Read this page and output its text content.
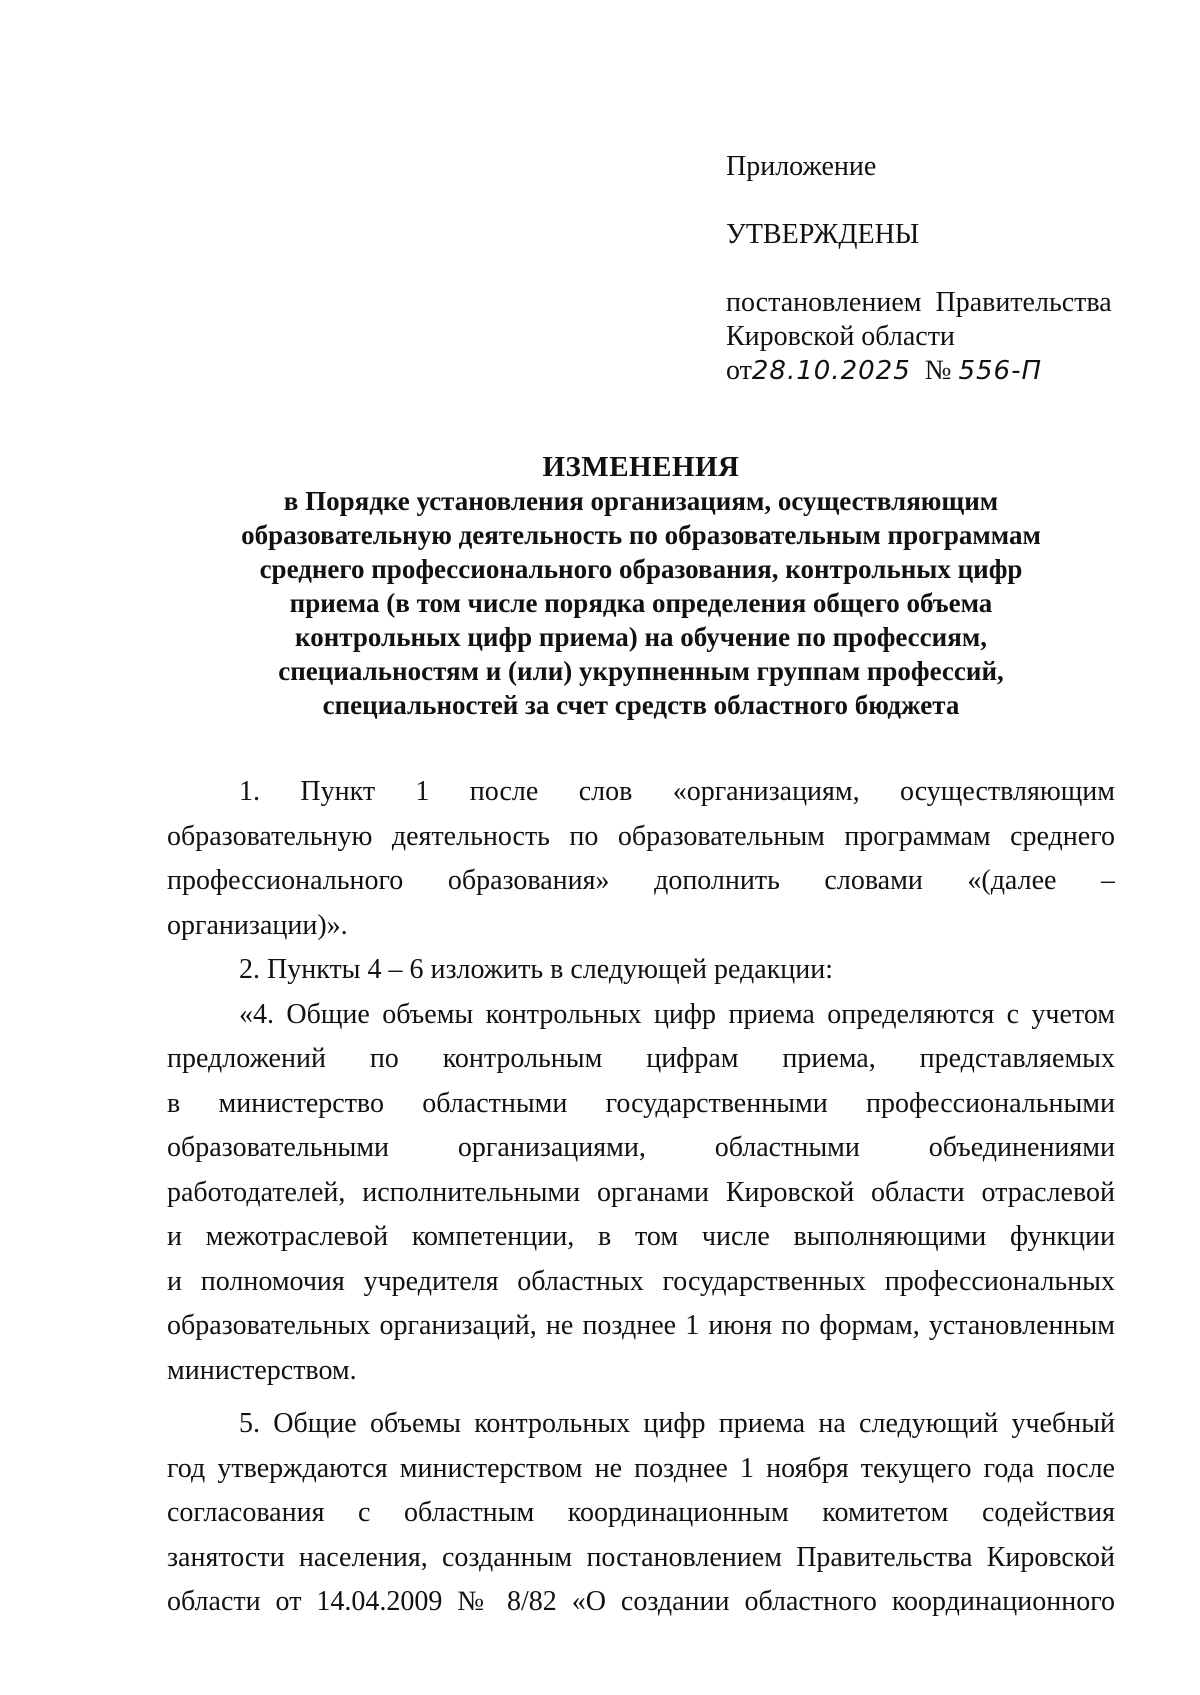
Приложение
УТВЕРЖДЕНЫ
постановлением  Правительства
Кировской области
от28.10.2025 № 556-П
ИЗМЕНЕНИЯ
в Порядке установления организациям, осуществляющим
образовательную деятельность по образовательным программам
среднего профессионального образования, контрольных цифр
приема (в том числе порядка определения общего объема
контрольных цифр приема) на обучение по профессиям,
специальностям и (или) укрупненным группам профессий,
специальностей за счет средств областного бюджета
1. Пункт 1 после слов «организациям, осуществляющим
образовательную деятельность по образовательным программам среднего
профессионального образования» дополнить словами «(далее –
организации)».
2. Пункты 4 – 6 изложить в следующей редакции:
«4. Общие объемы контрольных цифр приема определяются с учетом
предложений по контрольным цифрам приема, представляемых
в министерство областными государственными профессиональными
образовательными организациями, областными объединениями
работодателей, исполнительными органами Кировской области отраслевой
и межотраслевой компетенции, в том числе выполняющими функции
и полномочия учредителя областных государственных профессиональных
образовательных организаций, не позднее 1 июня по формам, установленным
министерством.
5. Общие объемы контрольных цифр приема на следующий учебный
год утверждаются министерством не позднее 1 ноября текущего года после
согласования с областным координационным комитетом содействия
занятости населения, созданным постановлением Правительства Кировской
области от 14.04.2009 № 8/82 «О создании областного координационного
